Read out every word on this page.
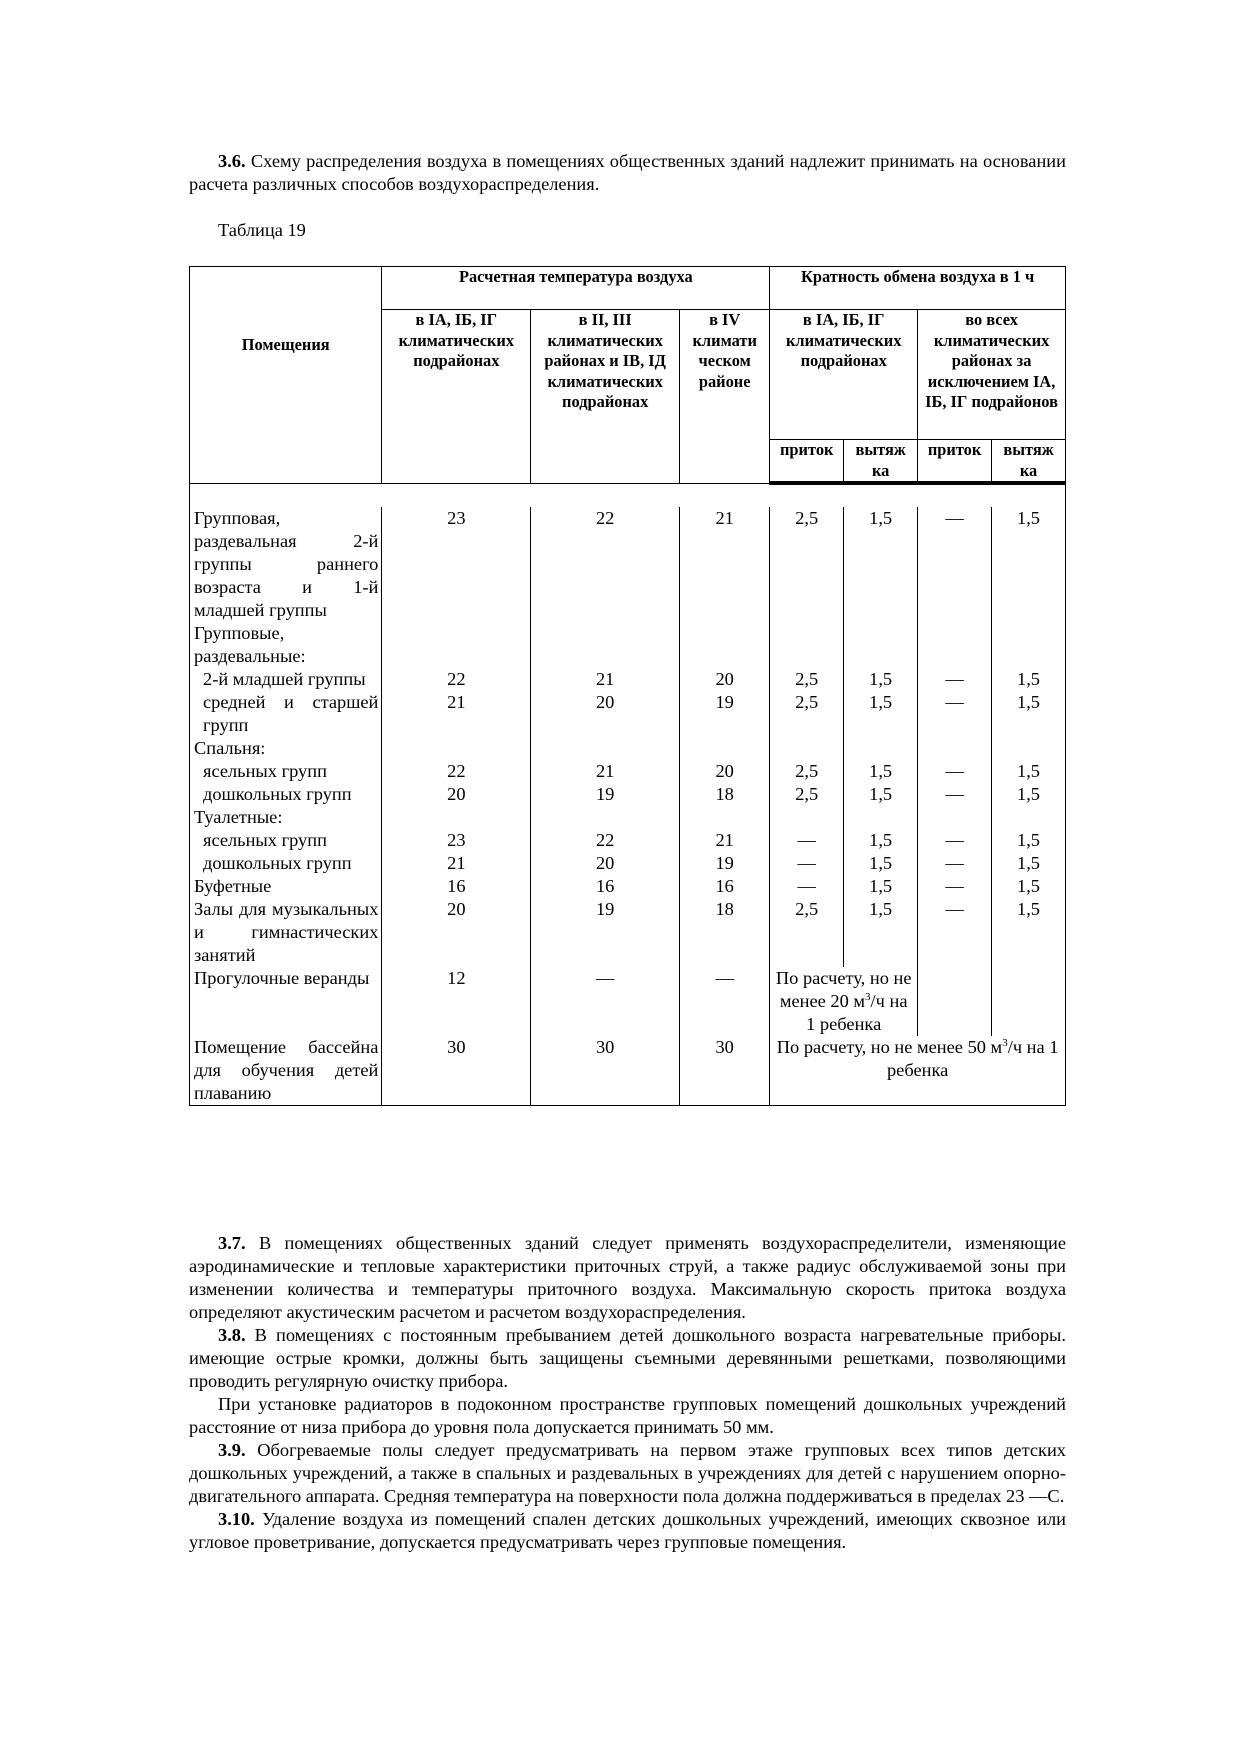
3.6. Схему распределения воздуха в помещениях общественных зданий надлежит принимать на основании расчета различных способов воздухораспределения.

Таблица 19
Помещения	Расчетная температура воздуха			Кратность обмена воздуха в 1 ч			
	в IА, IБ, IГ климатических подрайонах	в II, III климатических районах и IВ, IД климатических подрайонах	в IV климати ческом районе	в IА, IБ, IГ климатических подрайонах		во всех климатических районах за исключением IА, IБ, IГ подрайонов	
				приток	вытяж ка	приток	вытяж ка

Групповая, раздевальная 2-й группы раннего возраста и 1-й младшей группы	23	22	21	2,5	1,5	—	1,5
Групповые, раздевальные:							

2-й младшей группы	22	21	20	2,5	1,5	—	1,5

средней и старшей групп	21	20	19	2,5	1,5	—	1,5
Спальня:							

ясельных групп	22	21	20	2,5	1,5	—	1,5

дошкольных групп	20	19	18	2,5	1,5	—	1,5
Туалетные:							

ясельных групп	23	22	21	—	1,5	—	1,5

дошкольных групп	21	20	19	—	1,5	—	1,5
Буфетные	16	16	16	—	1,5	—	1,5

Залы для музыкальных и гимнастических занятий	20	19	18	2,5	1,5	—	1,5
Прогулочные веранды	12	—	—	По расчету, но не менее 20 $м^3/ч$ на 1 ребенка			

Помещение бассейна для обучения детей плаванию	30	30	30	По расчету, но не менее 50 $м^3/ч$ на 1 ребенка			

3.7. В помещениях общественных зданий следует применять воздухораспределители, изменяющие аэродинамические и тепловые характеристики приточных струй, а также радиус обслуживаемой зоны при изменении количества и температуры приточного воздуха. Максимальную скорость притока воздуха определяют акустическим расчетом и расчетом воздухораспределения.

3.8. В помещениях с постоянным пребыванием детей дошкольного возраста нагревательные приборы. имеющие острые кромки, должны быть защищены съемными деревянными решетками, позволяющими проводить регулярную очистку прибора.

При установке радиаторов в подоконном пространстве групповых помещений дошкольных учреждений расстояние от низа прибора до уровня пола допускается принимать 50 мм.

3.9. Обогреваемые полы следует предусматривать на первом этаже групповых всех типов детских дошкольных учреждений, а также в спальных и раздевальных в учреждениях для детей с нарушением опорно-двигательного аппарата. Средняя температура на поверхности пола должна поддерживаться в пределах 23 —С.

3.10. Удаление воздуха из помещений спален детских дошкольных учреждений, имеющих сквозное или угловое проветривание, допускается предусматривать через групповые помещения.
